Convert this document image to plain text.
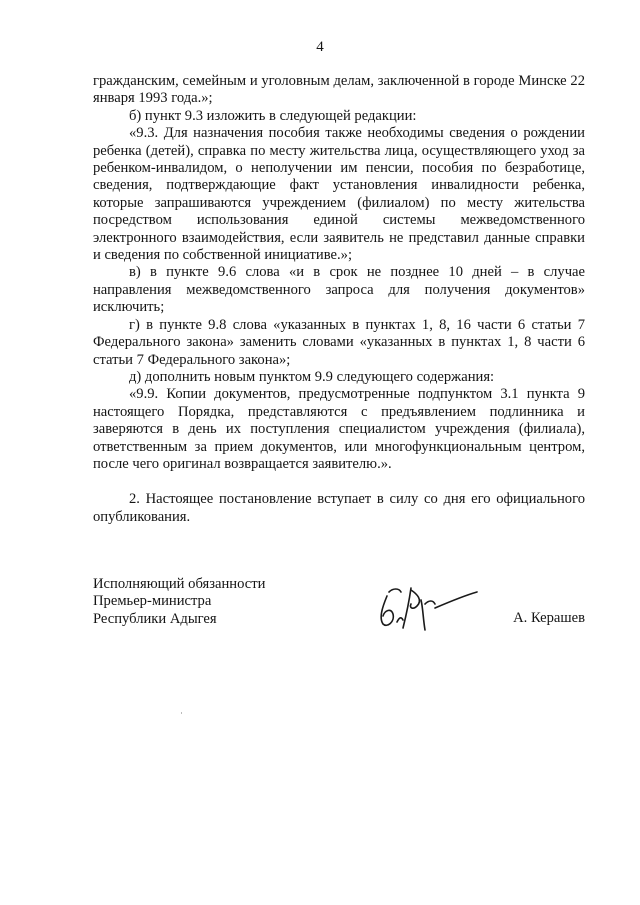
4

гражданским, семейным и уголовным делам, заключенной в городе Минске 22 января 1993 года.»;

б) пункт 9.3 изложить в следующей редакции:

«9.3. Для назначения пособия также необходимы сведения о рождении ребенка (детей), справка по месту жительства лица, осуществляющего уход за ребенком-инвалидом, о неполучении им пенсии, пособия по безработице, сведения, подтверждающие факт установления инвалидности ребенка, которые запрашиваются учреждением (филиалом) по месту жительства посредством использования единой системы межведомственного электронного взаимодействия, если заявитель не представил данные справки и сведения по собственной инициативе.»;

в) в пункте 9.6 слова «и в срок не позднее 10 дней – в случае направления межведомственного запроса для получения документов» исключить;

г) в пункте 9.8 слова «указанных в пунктах 1, 8, 16 части 6 статьи 7 Федерального закона» заменить словами «указанных в пунктах 1, 8 части 6 статьи 7 Федерального закона»;

д) дополнить новым пунктом 9.9 следующего содержания:

«9.9. Копии документов, предусмотренные подпунктом 3.1 пункта 9 настоящего Порядка, представляются с предъявлением подлинника и заверяются в день их поступления специалистом учреждения (филиала), ответственным за прием документов, или многофункциональным центром, после чего оригинал возвращается заявителю.».

2. Настоящее постановление вступает в силу со дня его официального опубликования.

Исполняющий обязанности
Премьер-министра
Республики Адыгея	А. Керашев
